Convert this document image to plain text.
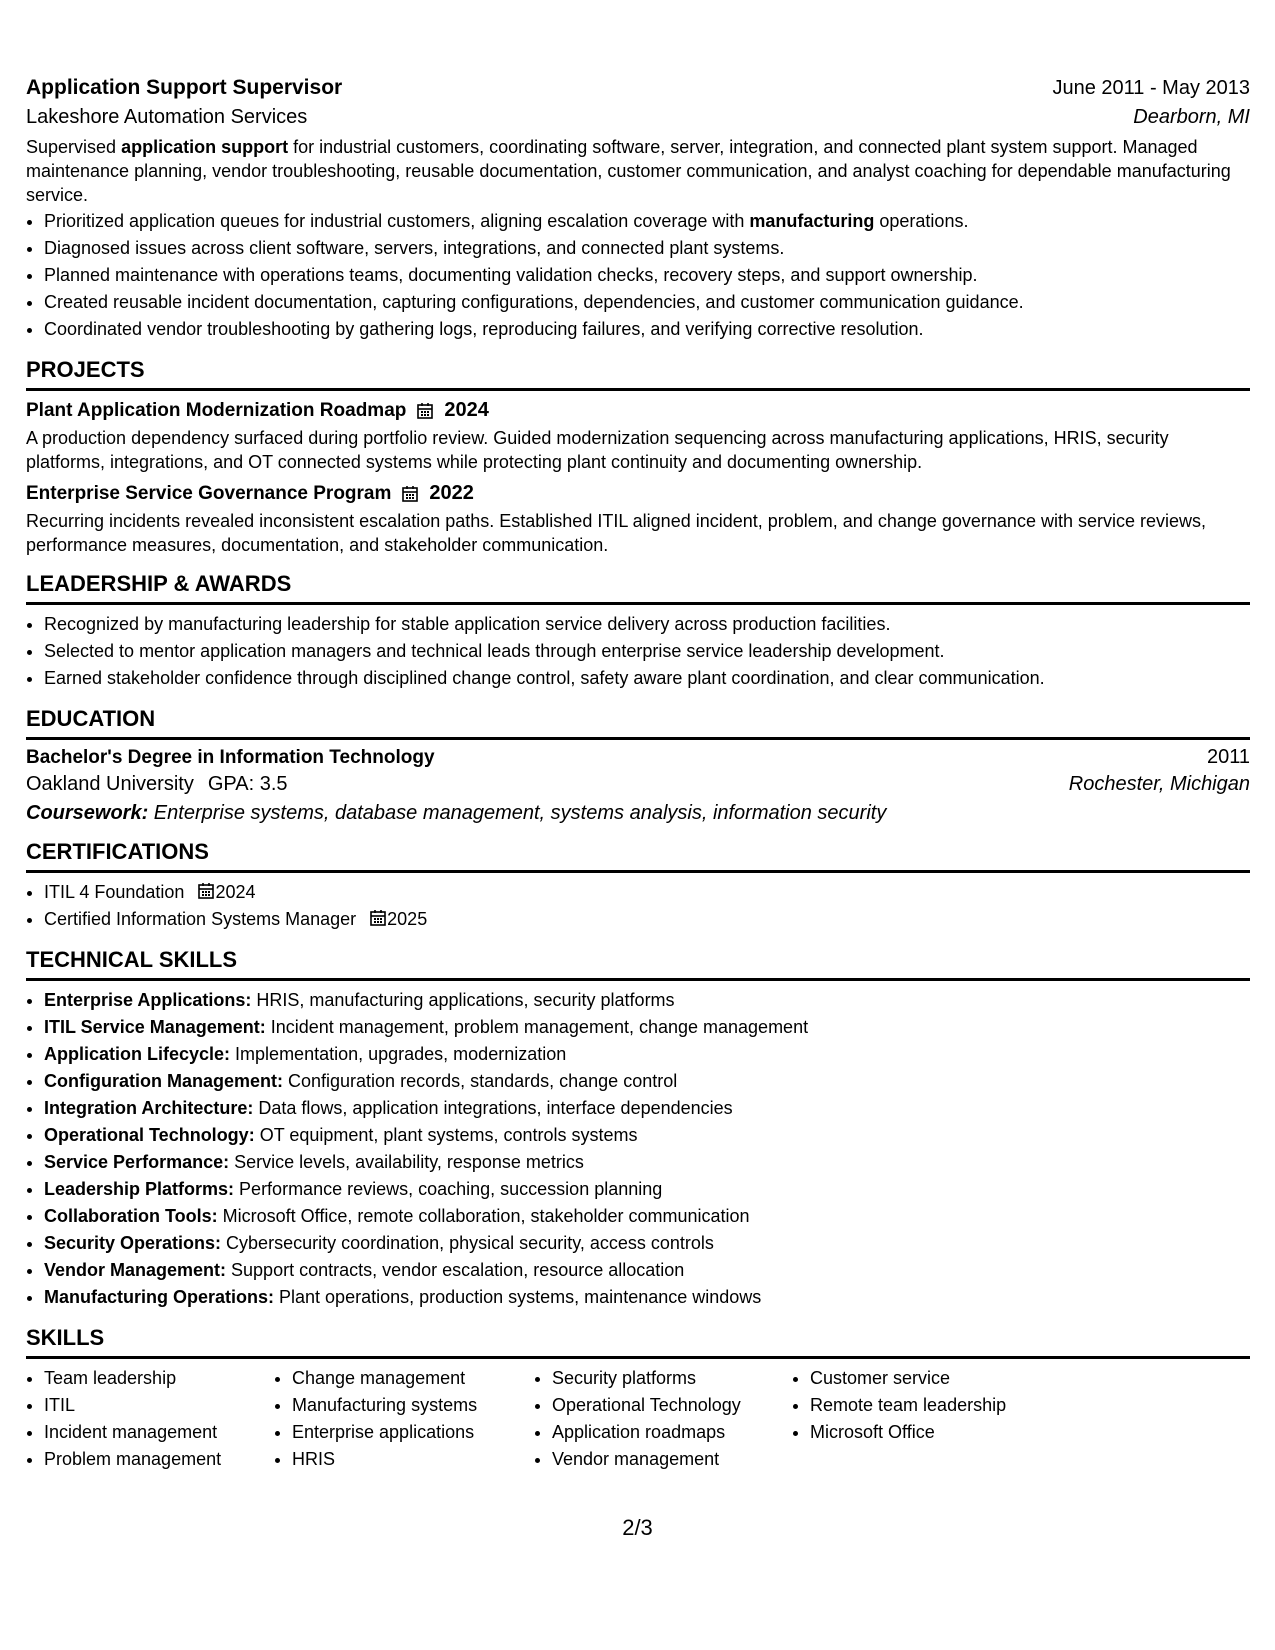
Application Support Supervisor	June 2011 - May 2013
Lakeshore Automation Services	Dearborn, MI
Supervised application support for industrial customers, coordinating software, server, integration, and connected plant system support. Managed maintenance planning, vendor troubleshooting, reusable documentation, customer communication, and analyst coaching for dependable manufacturing service.
• Prioritized application queues for industrial customers, aligning escalation coverage with manufacturing operations.
• Diagnosed issues across client software, servers, integrations, and connected plant systems.
• Planned maintenance with operations teams, documenting validation checks, recovery steps, and support ownership.
• Created reusable incident documentation, capturing configurations, dependencies, and customer communication guidance.
• Coordinated vendor troubleshooting by gathering logs, reproducing failures, and verifying corrective resolution.
PROJECTS
Plant Application Modernization Roadmap 2024
A production dependency surfaced during portfolio review. Guided modernization sequencing across manufacturing applications, HRIS, security platforms, integrations, and OT connected systems while protecting plant continuity and documenting ownership.
Enterprise Service Governance Program 2022
Recurring incidents revealed inconsistent escalation paths. Established ITIL aligned incident, problem, and change governance with service reviews, performance measures, documentation, and stakeholder communication.
LEADERSHIP & AWARDS
• Recognized by manufacturing leadership for stable application service delivery across production facilities.
• Selected to mentor application managers and technical leads through enterprise service leadership development.
• Earned stakeholder confidence through disciplined change control, safety aware plant coordination, and clear communication.
EDUCATION
Bachelor's Degree in Information Technology	2011
Oakland University GPA: 3.5	Rochester, Michigan
Coursework: Enterprise systems, database management, systems analysis, information security
CERTIFICATIONS
• ITIL 4 Foundation 2024
• Certified Information Systems Manager 2025
TECHNICAL SKILLS
• Enterprise Applications: HRIS, manufacturing applications, security platforms
• ITIL Service Management: Incident management, problem management, change management
• Application Lifecycle: Implementation, upgrades, modernization
• Configuration Management: Configuration records, standards, change control
• Integration Architecture: Data flows, application integrations, interface dependencies
• Operational Technology: OT equipment, plant systems, controls systems
• Service Performance: Service levels, availability, response metrics
• Leadership Platforms: Performance reviews, coaching, succession planning
• Collaboration Tools: Microsoft Office, remote collaboration, stakeholder communication
• Security Operations: Cybersecurity coordination, physical security, access controls
• Vendor Management: Support contracts, vendor escalation, resource allocation
• Manufacturing Operations: Plant operations, production systems, maintenance windows
SKILLS
• Team leadership
• ITIL
• Incident management
• Problem management
• Change management
• Manufacturing systems
• Enterprise applications
• HRIS
• Security platforms
• Operational Technology
• Application roadmaps
• Vendor management
• Customer service
• Remote team leadership
• Microsoft Office
2/3
